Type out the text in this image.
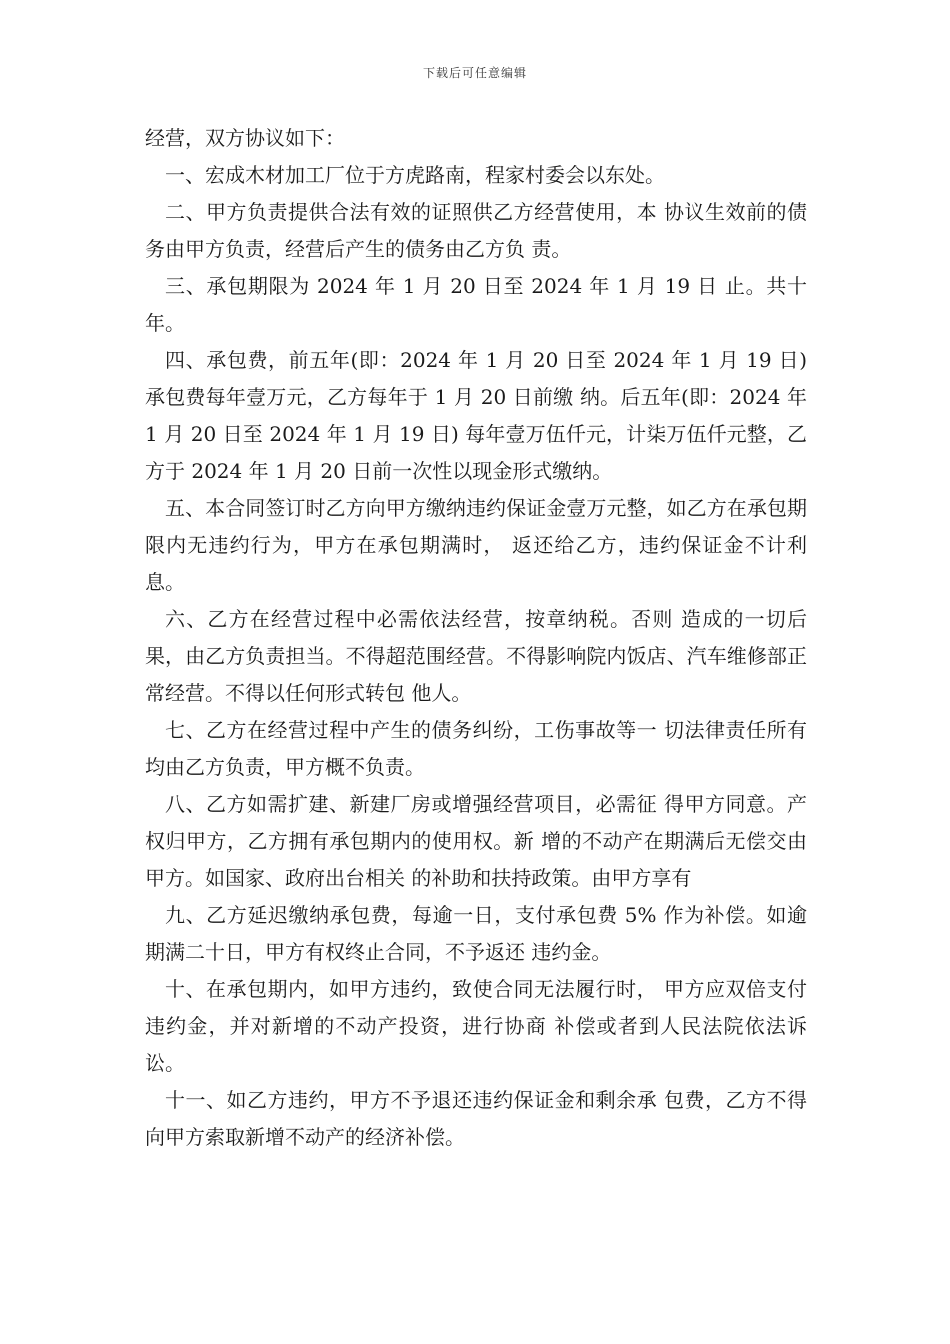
下载后可任意编辑

经营，双方协议如下：

一、宏成木材加工厂位于方虎路南，程家村委会以东处。

二、甲方负责提供合法有效的证照供乙方经营使用，本 协议生效前的债务由甲方负责，经营后产生的债务由乙方负 责。

三、承包期限为 2024 年 1 月 20 日至 2024 年 1 月 19 日 止。共十年。

四、承包费，前五年(即：2024 年 1 月 20 日至 2024 年 1 月 19 日) 承包费每年壹万元，乙方每年于 1 月 20 日前缴 纳。后五年(即：2024 年 1 月 20 日至 2024 年 1 月 19 日) 每年壹万伍仟元，计柒万伍仟元整，乙方于 2024 年 1 月 20 日前一次性以现金形式缴纳。

五、本合同签订时乙方向甲方缴纳违约保证金壹万元整，如乙方在承包期限内无违约行为，甲方在承包期满时， 返还给乙方，违约保证金不计利息。

六、乙方在经营过程中必需依法经营，按章纳税。否则 造成的一切后果，由乙方负责担当。不得超范围经营。不得影响院内饭店、汽车维修部正常经营。不得以任何形式转包 他人。

七、乙方在经营过程中产生的债务纠纷，工伤事故等一 切法律责任所有均由乙方负责，甲方概不负责。

八、乙方如需扩建、新建厂房或增强经营项目，必需征 得甲方同意。产权归甲方，乙方拥有承包期内的使用权。新 增的不动产在期满后无偿交由甲方。如国家、政府出台相关 的补助和扶持政策。由甲方享有

九、乙方延迟缴纳承包费，每逾一日，支付承包费 5% 作为补偿。如逾期满二十日，甲方有权终止合同，不予返还 违约金。

十、在承包期内，如甲方违约，致使合同无法履行时， 甲方应双倍支付违约金，并对新增的不动产投资，进行协商 补偿或者到人民法院依法诉讼。

十一、如乙方违约，甲方不予退还违约保证金和剩余承 包费，乙方不得向甲方索取新增不动产的经济补偿。
